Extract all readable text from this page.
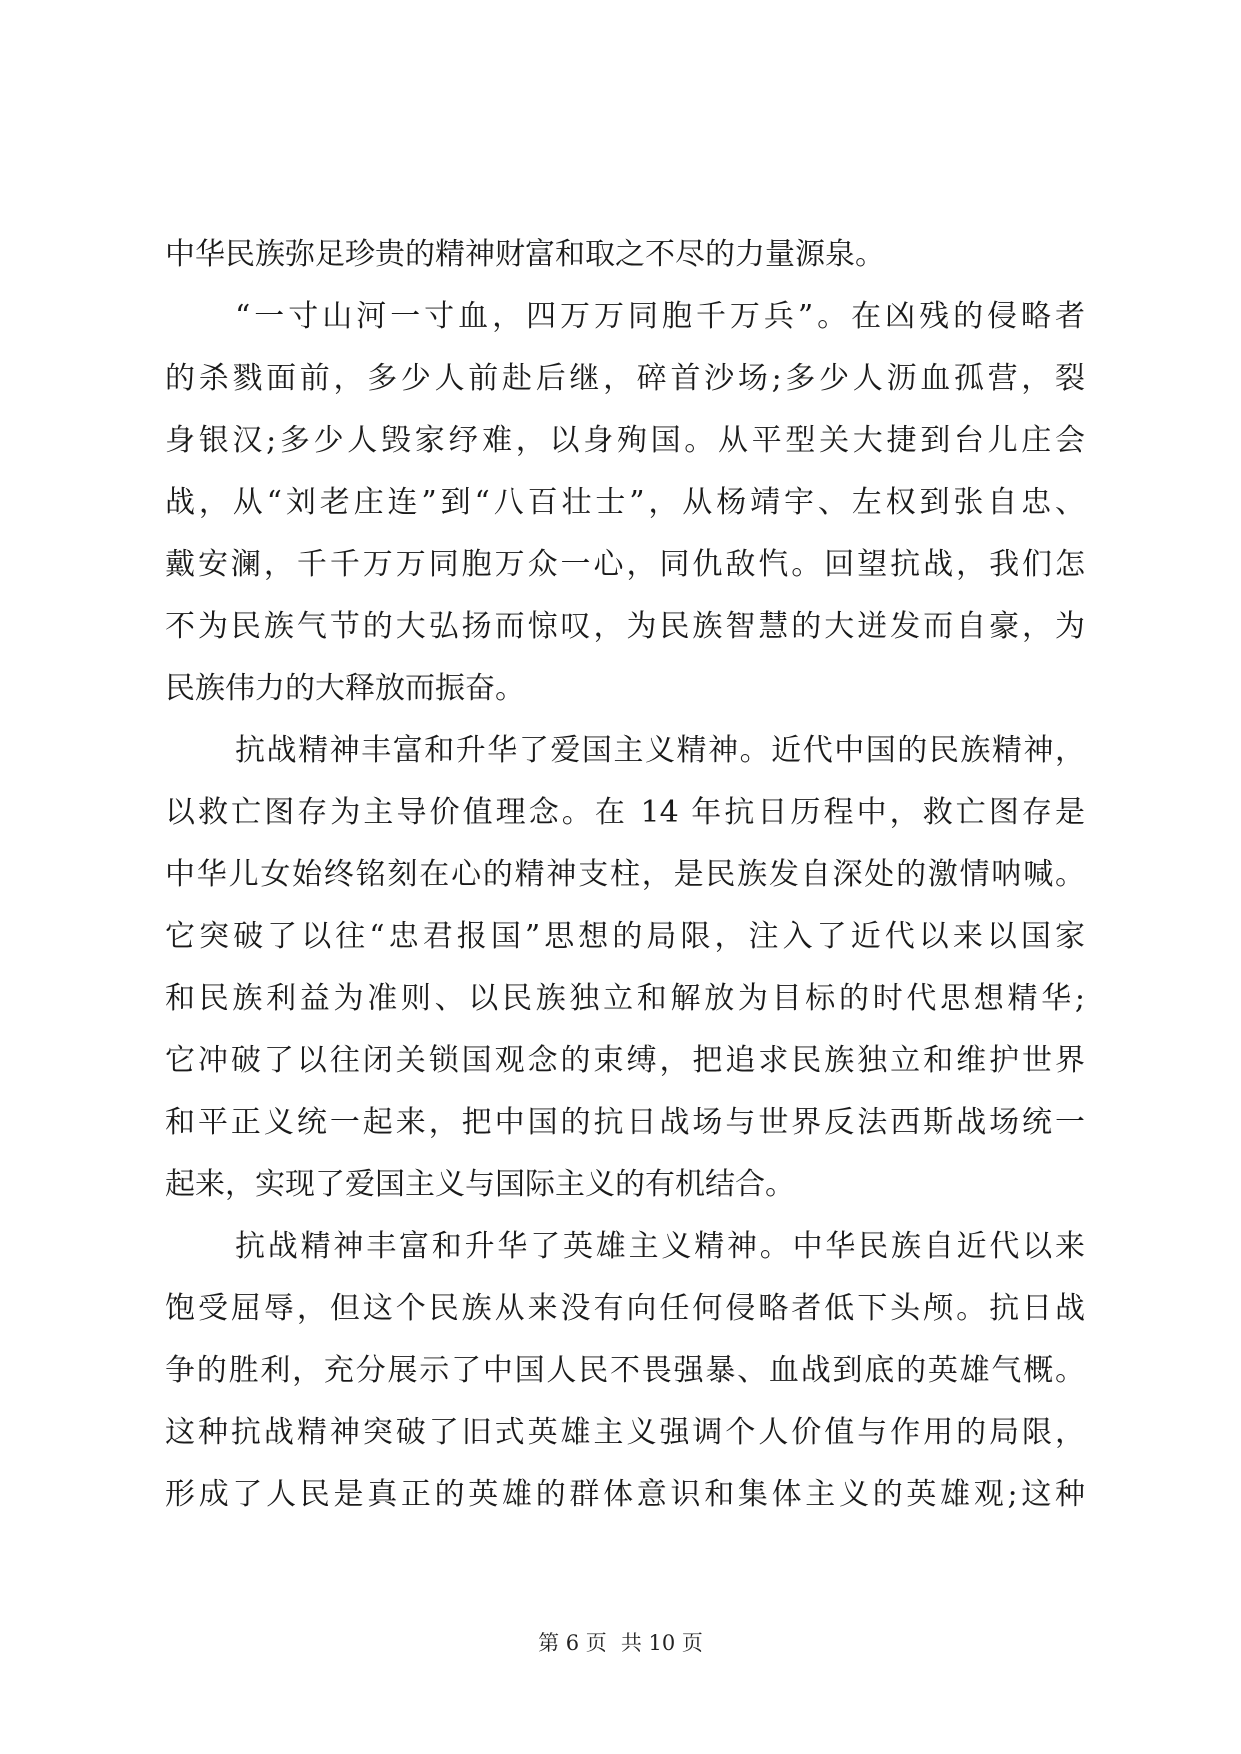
中华民族弥足珍贵的精神财富和取之不尽的力量源泉。
“一寸山河一寸血，四万万同胞千万兵”。在凶残的侵略者
的杀戮面前，多少人前赴后继，碎首沙场;多少人沥血孤营，裂
身银汉;多少人毁家纾难，以身殉国。从平型关大捷到台儿庄会
战，从“刘老庄连”到“八百壮士”，从杨靖宇、左权到张自忠、
戴安澜，千千万万同胞万众一心，同仇敌忾。回望抗战，我们怎
不为民族气节的大弘扬而惊叹，为民族智慧的大迸发而自豪，为
民族伟力的大释放而振奋。
抗战精神丰富和升华了爱国主义精神。近代中国的民族精神，
以救亡图存为主导价值理念。在 14 年抗日历程中，救亡图存是
中华儿女始终铭刻在心的精神支柱，是民族发自深处的激情呐喊。
它突破了以往“忠君报国”思想的局限，注入了近代以来以国家
和民族利益为准则、以民族独立和解放为目标的时代思想精华;
它冲破了以往闭关锁国观念的束缚，把追求民族独立和维护世界
和平正义统一起来，把中国的抗日战场与世界反法西斯战场统一
起来，实现了爱国主义与国际主义的有机结合。
抗战精神丰富和升华了英雄主义精神。中华民族自近代以来
饱受屈辱，但这个民族从来没有向任何侵略者低下头颅。抗日战
争的胜利，充分展示了中国人民不畏强暴、血战到底的英雄气概。
这种抗战精神突破了旧式英雄主义强调个人价值与作用的局限，
形成了人民是真正的英雄的群体意识和集体主义的英雄观;这种
第 6 页 共 10 页
